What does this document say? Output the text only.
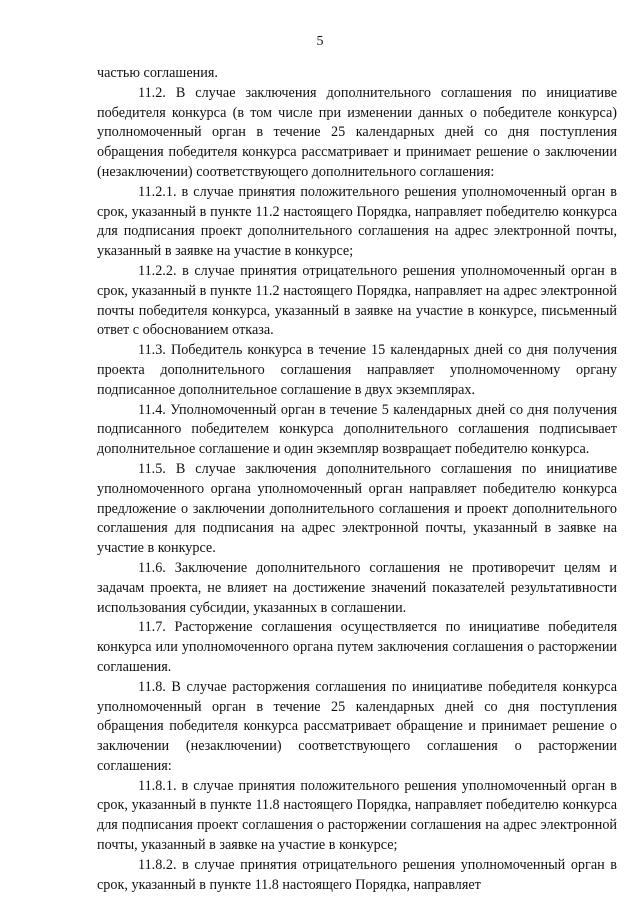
5

частью соглашения.

11.2. В случае заключения дополнительного соглашения по инициативе победителя конкурса (в том числе при изменении данных о победителе конкурса) уполномоченный орган в течение 25 календарных дней со дня поступления обращения победителя конкурса рассматривает и принимает решение о заключении (незаключении) соответствующего дополнительного соглашения:

11.2.1. в случае принятия положительного решения уполномоченный орган в срок, указанный в пункте 11.2 настоящего Порядка, направляет победителю конкурса для подписания проект дополнительного соглашения на адрес электронной почты, указанный в заявке на участие в конкурсе;

11.2.2. в случае принятия отрицательного решения уполномоченный орган в срок, указанный в пункте 11.2 настоящего Порядка, направляет на адрес электронной почты победителя конкурса, указанный в заявке на участие в конкурсе, письменный ответ с обоснованием отказа.

11.3. Победитель конкурса в течение 15 календарных дней со дня получения проекта дополнительного соглашения направляет уполномоченному органу подписанное дополнительное соглашение в двух экземплярах.

11.4. Уполномоченный орган в течение 5 календарных дней со дня получения подписанного победителем конкурса дополнительного соглашения подписывает дополнительное соглашение и один экземпляр возвращает победителю конкурса.

11.5. В случае заключения дополнительного соглашения по инициативе уполномоченного органа уполномоченный орган направляет победителю конкурса предложение о заключении дополнительного соглашения и проект дополнительного соглашения для подписания на адрес электронной почты, указанный в заявке на участие в конкурсе.

11.6. Заключение дополнительного соглашения не противоречит целям и задачам проекта, не влияет на достижение значений показателей результативности использования субсидии, указанных в соглашении.

11.7. Расторжение соглашения осуществляется по инициативе победителя конкурса или уполномоченного органа путем заключения соглашения о расторжении соглашения.

11.8. В случае расторжения соглашения по инициативе победителя конкурса уполномоченный орган в течение 25 календарных дней со дня поступления обращения победителя конкурса рассматривает обращение и принимает решение о заключении (незаключении) соответствующего соглашения о расторжении соглашения:

11.8.1. в случае принятия положительного решения уполномоченный орган в срок, указанный в пункте 11.8 настоящего Порядка, направляет победителю конкурса для подписания проект соглашения о расторжении соглашения на адрес электронной почты, указанный в заявке на участие в конкурсе;

11.8.2. в случае принятия отрицательного решения уполномоченный орган в срок, указанный в пункте 11.8 настоящего Порядка, направляет
